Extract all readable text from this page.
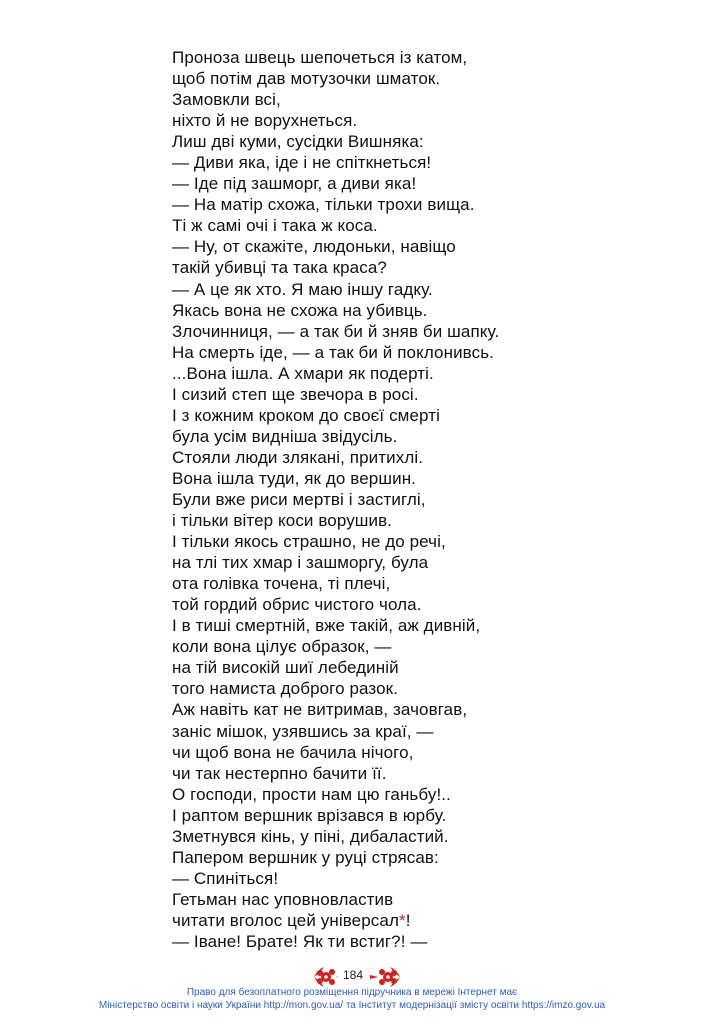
Проноза швець шепочеться із катом,
щоб потім дав мотузочки шматок.
Замовкли всі,
ніхто й не ворухнеться.
Лиш дві куми, сусідки Вишняка:
— Диви яка, іде і не спіткнеться!
— Іде під зашморг, а диви яка!
— На матір схожа, тільки трохи вища.
Ті ж самі очі і така ж коса.
— Ну, от скажіте, людоньки, навіщо
такій убивці та така краса?
— А це як хто. Я маю іншу гадку.
Якась вона не схожа на убивць.
Злочинниця, — а так би й зняв би шапку.
На смерть іде, — а так би й поклонивсь.
...Вона ішла. А хмари як подерті.
І сизий степ ще звечора в росі.
І з кожним кроком до своєї смерті
була усім видніша звідусіль.
Стояли люди злякані, притихлі.
Вона ішла туди, як до вершин.
Були вже риси мертві і застиглі,
і тільки вітер коси ворушив.
І тільки якось страшно, не до речі,
на тлі тих хмар і зашморгу, була
ота голівка точена, ті плечі,
той гордий обрис чистого чола.
І в тиші смертній, вже такій, аж дивній,
коли вона цілує образок, —
на тій високій шиї лебединій
того намиста доброго разок.
Аж навіть кат не витримав, зачовгав,
заніс мішок, узявшись за краї, —
чи щоб вона не бачила нічого,
чи так нестерпно бачити її.
О господи, прости нам цю ганьбу!..
І раптом вершник врізався в юрбу.
Зметнувся кінь, у піні, дибаластий.
Папером вершник у руці стрясав:
— Спиніться!
Гетьман нас уповновластив
читати вголос цей універсал*!
— Іване! Брате! Як ти встиг?! —
184
Право для безоплатного розміщення підручника в мережі Інтернет має
Міністерство освіти і науки України http://mon.gov.ua/ та Інститут модернізації змісту освіти https://imzo.gov.ua
